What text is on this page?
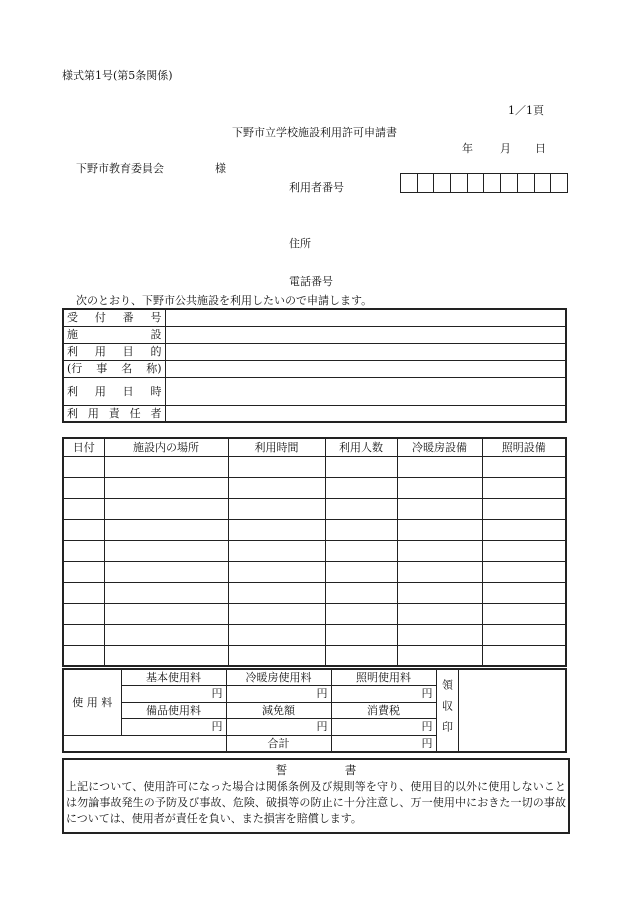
様式第1号(第5条関係)
1／1頁
下野市立学校施設利用許可申請書
年 月 日
下野市教育委員会	様
利用者番号

住所
電話番号
次のとおり、下野市公共施設を利用したいので申請します。
受 付 番 号	

施 設	

利 用 目 的	

(行 事 名 称)	

利 用 日 時	

利 用 責 任 者	

日付	施設内の場所	利用時間	利用人数	冷暖房設備	照明設備

使 用 料	基本使用料	冷暖房使用料	照明使用料	領収印	

	円	円	円		
	備品使用料	減免額	消費税		
	円	円	円		
		合計	円		
誓　　　　　書
上記について、使用許可になった場合は関係条例及び規則等を守り、使用目的以外に使用しないことは勿論事故発生の予防及び事故、危険、破損等の防止に十分注意し、万一使用中におきた一切の事故については、使用者が責任を負い、また損害を賠償します。
